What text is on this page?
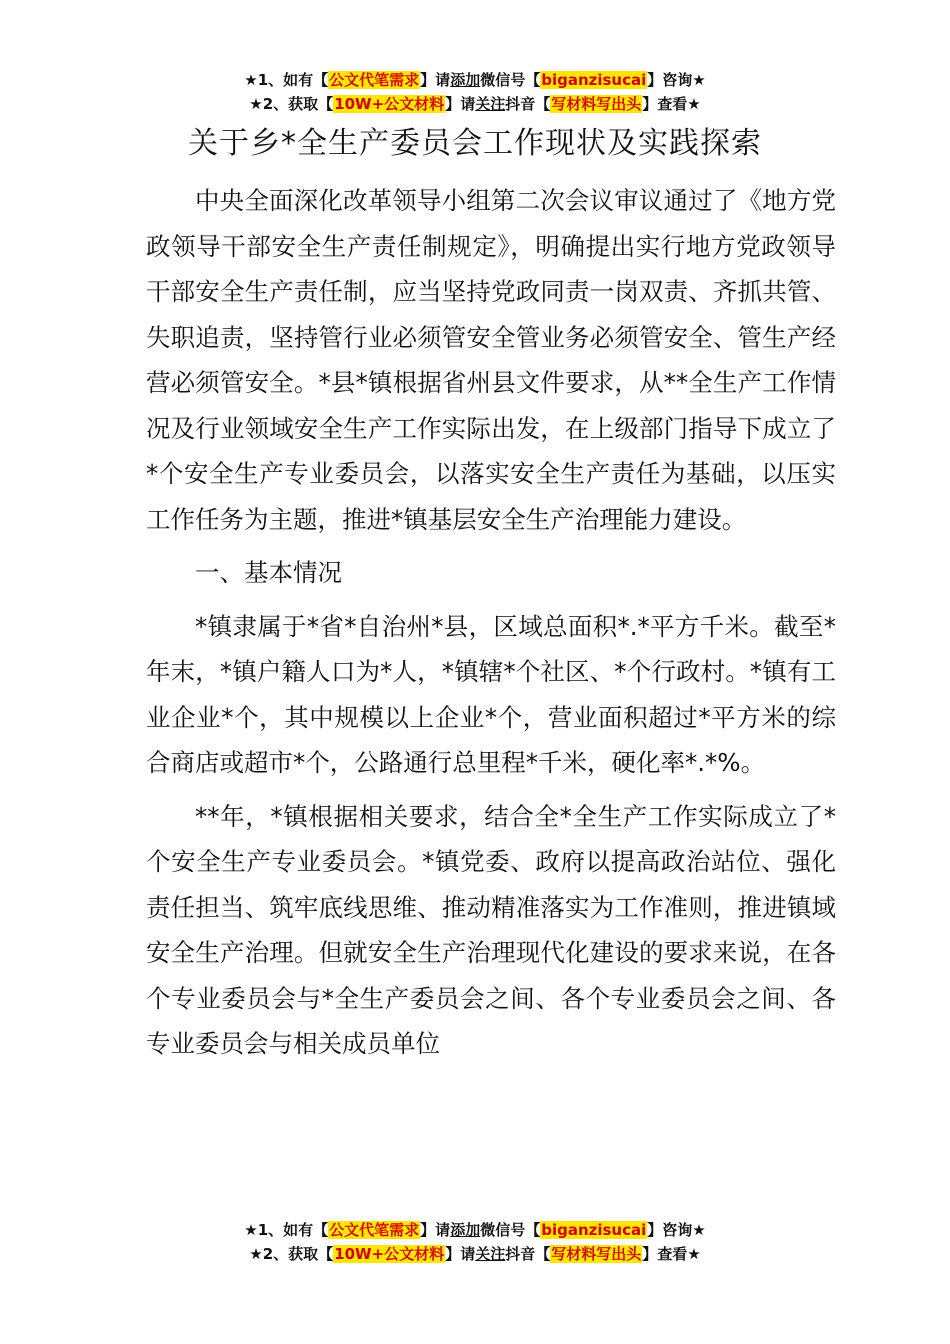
★1、如有【公文代笔需求】请添加微信号【biganzisucai】咨询★
★2、获取【10W+公文材料】请关注抖音【写材料写出头】查看★
关于乡*全生产委员会工作现状及实践探索

中央全面深化改革领导小组第二次会议审议通过了《地方党政领导干部安全生产责任制规定》，明确提出实行地方党政领导干部安全生产责任制，应当坚持党政同责一岗双责、齐抓共管、失职追责，坚持管行业必须管安全管业务必须管安全、管生产经营必须管安全。*县*镇根据省州县文件要求，从**全生产工作情况及行业领域安全生产工作实际出发，在上级部门指导下成立了*个安全生产专业委员会，以落实安全生产责任为基础，以压实工作任务为主题，推进*镇基层安全生产治理能力建设。

一、基本情况

*镇隶属于*省*自治州*县，区域总面积*.*平方千米。截至*年末，*镇户籍人口为*人，*镇辖*个社区、*个行政村。*镇有工业企业*个，其中规模以上企业*个，营业面积超过*平方米的综合商店或超市*个，公路通行总里程*千米，硬化率*.*%。

**年，*镇根据相关要求，结合全*全生产工作实际成立了*个安全生产专业委员会。*镇党委、政府以提高政治站位、强化责任担当、筑牢底线思维、推动精准落实为工作准则，推进镇域安全生产治理。但就安全生产治理现代化建设的要求来说，在各个专业委员会与*全生产委员会之间、各个专业委员会之间、各专业委员会与相关成员单位

★1、如有【公文代笔需求】请添加微信号【biganzisucai】咨询★
★2、获取【10W+公文材料】请关注抖音【写材料写出头】查看★
